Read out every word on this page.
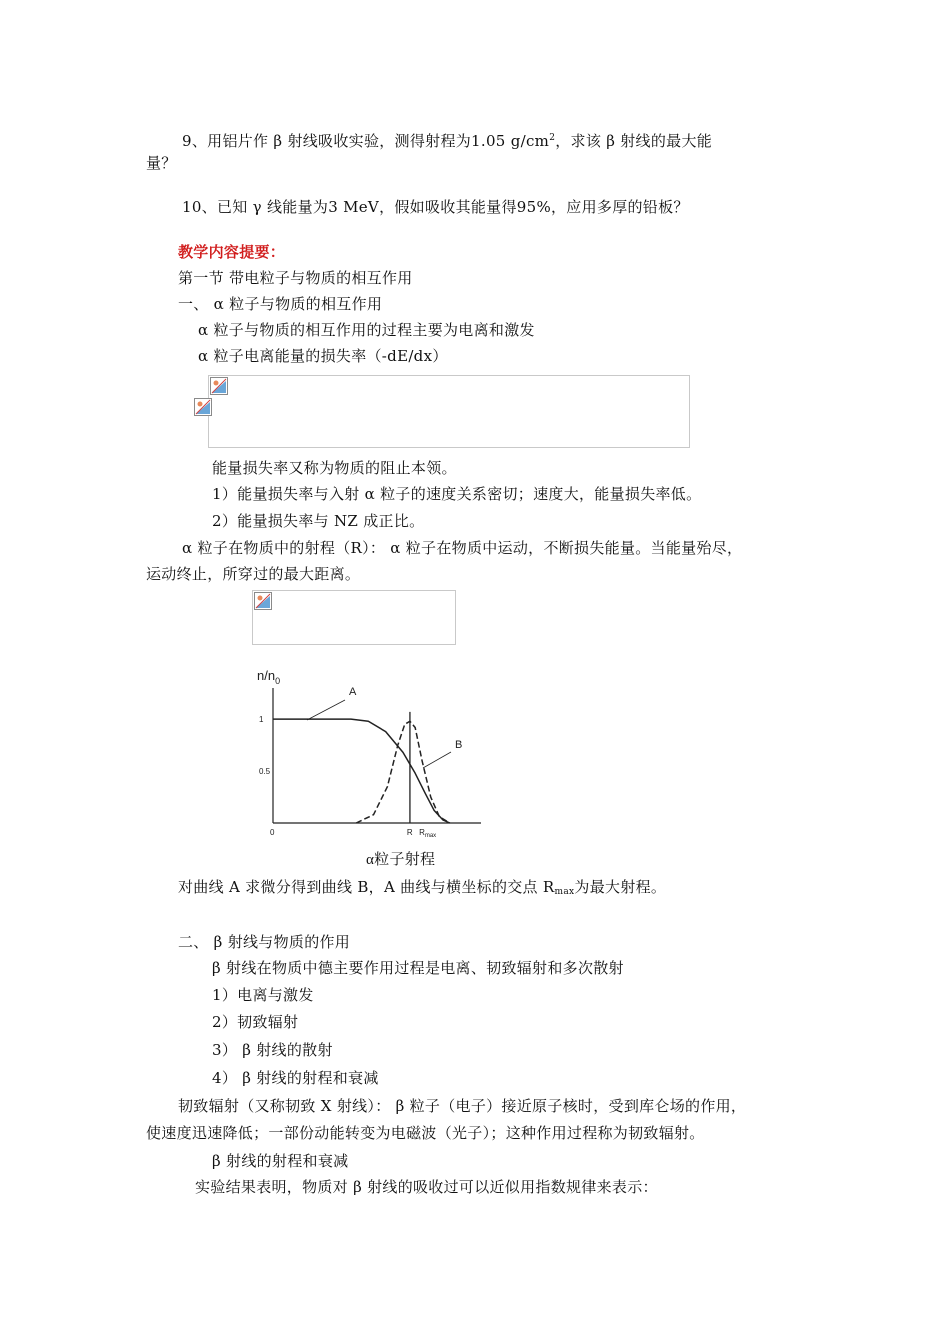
9、用铝片作 β 射线吸收实验，测得射程为1.05 $g/cm^2$，求该 β 射线的最大能
量？
10、已知 γ 线能量为3 MeV，假如吸收其能量得95%，应用多厚的铅板？
教学内容提要：
第一节 带电粒子与物质的相互作用
一、 α 粒子与物质的相互作用
α 粒子与物质的相互作用的过程主要为电离和激发
α 粒子电离能量的损失率（-dE/dx）
能量损失率又称为物质的阻止本领。
1）能量损失率与入射 α 粒子的速度关系密切；速度大，能量损失率低。
2）能量损失率与 NZ 成正比。
α 粒子在物质中的射程（R）： α 粒子在物质中运动，不断损失能量。当能量殆尽，
运动终止，所穿过的最大距离。
$n/n_0$
1
0.5
0	R $R_{max}$
A
B
α粒子射程
对曲线 A 求微分得到曲线 B，A 曲线与横坐标的交点 $R_{max}$为最大射程。
二、 β 射线与物质的作用
β 射线在物质中德主要作用过程是电离、韧致辐射和多次散射
1）电离与激发
2）韧致辐射
3） β 射线的散射
4） β 射线的射程和衰减
韧致辐射（又称韧致 X 射线）： β 粒子（电子）接近原子核时，受到库仑场的作用，
使速度迅速降低；一部份动能转变为电磁波（光子）；这种作用过程称为韧致辐射。
β 射线的射程和衰减
实验结果表明，物质对 β 射线的吸收过可以近似用指数规律来表示：
